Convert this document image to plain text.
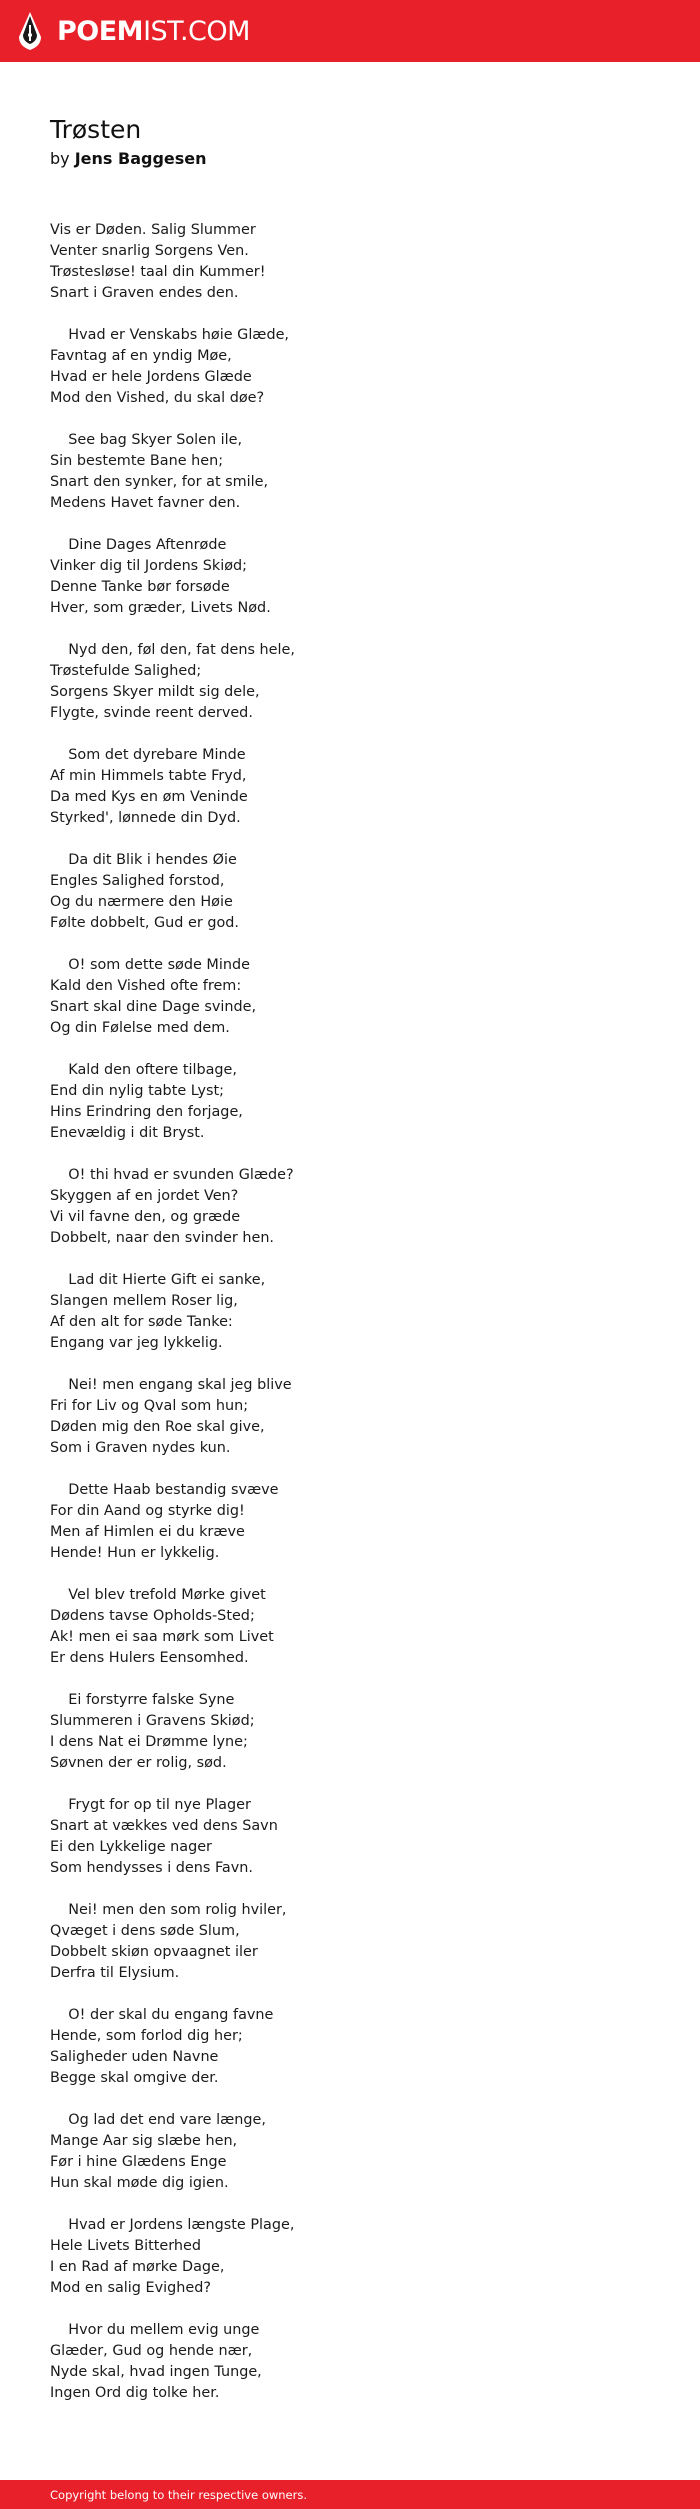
POEM IST.COM
Trøsten
by Jens Baggesen
Vis er Døden. Salig Slummer
Venter snarlig Sorgens Ven.
Trøstesløse! taal din Kummer!
Snart i Graven endes den.
Hvad er Venskabs høie Glæde,
Favntag af en yndig Møe,
Hvad er hele Jordens Glæde
Mod den Vished, du skal døe?
See bag Skyer Solen ile,
Sin bestemte Bane hen;
Snart den synker, for at smile,
Medens Havet favner den.
Dine Dages Aftenrøde
Vinker dig til Jordens Skiød;
Denne Tanke bør forsøde
Hver, som græder, Livets Nød.
Nyd den, føl den, fat dens hele,
Trøstefulde Salighed;
Sorgens Skyer mildt sig dele,
Flygte, svinde reent derved.
Som det dyrebare Minde
Af min Himmels tabte Fryd,
Da med Kys en øm Veninde
Styrked', lønnede din Dyd.
Da dit Blik i hendes Øie
Engles Salighed forstod,
Og du nærmere den Høie
Følte dobbelt, Gud er god.
O! som dette søde Minde
Kald den Vished ofte frem:
Snart skal dine Dage svinde,
Og din Følelse med dem.
Kald den oftere tilbage,
End din nylig tabte Lyst;
Hins Erindring den forjage,
Enevældig i dit Bryst.
O! thi hvad er svunden Glæde?
Skyggen af en jordet Ven?
Vi vil favne den, og græde
Dobbelt, naar den svinder hen.
Lad dit Hierte Gift ei sanke,
Slangen mellem Roser lig,
Af den alt for søde Tanke:
Engang var jeg lykkelig.
Nei! men engang skal jeg blive
Fri for Liv og Qval som hun;
Døden mig den Roe skal give,
Som i Graven nydes kun.
Dette Haab bestandig svæve
For din Aand og styrke dig!
Men af Himlen ei du kræve
Hende! Hun er lykkelig.
Vel blev trefold Mørke givet
Dødens tavse Opholds-Sted;
Ak! men ei saa mørk som Livet
Er dens Hulers Eensomhed.
Ei forstyrre falske Syne
Slummeren i Gravens Skiød;
I dens Nat ei Drømme lyne;
Søvnen der er rolig, sød.
Frygt for op til nye Plager
Snart at vækkes ved dens Savn
Ei den Lykkelige nager
Som hendysses i dens Favn.
Nei! men den som rolig hviler,
Qvæget i dens søde Slum,
Dobbelt skiøn opvaagnet iler
Derfra til Elysium.
O! der skal du engang favne
Hende, som forlod dig her;
Saligheder uden Navne
Begge skal omgive der.
Og lad det end vare længe,
Mange Aar sig slæbe hen,
Før i hine Glædens Enge
Hun skal møde dig igien.
Hvad er Jordens længste Plage,
Hele Livets Bitterhed
I en Rad af mørke Dage,
Mod en salig Evighed?
Hvor du mellem evig unge
Glæder, Gud og hende nær,
Nyde skal, hvad ingen Tunge,
Ingen Ord dig tolke her.
Copyright belong to their respective owners.
